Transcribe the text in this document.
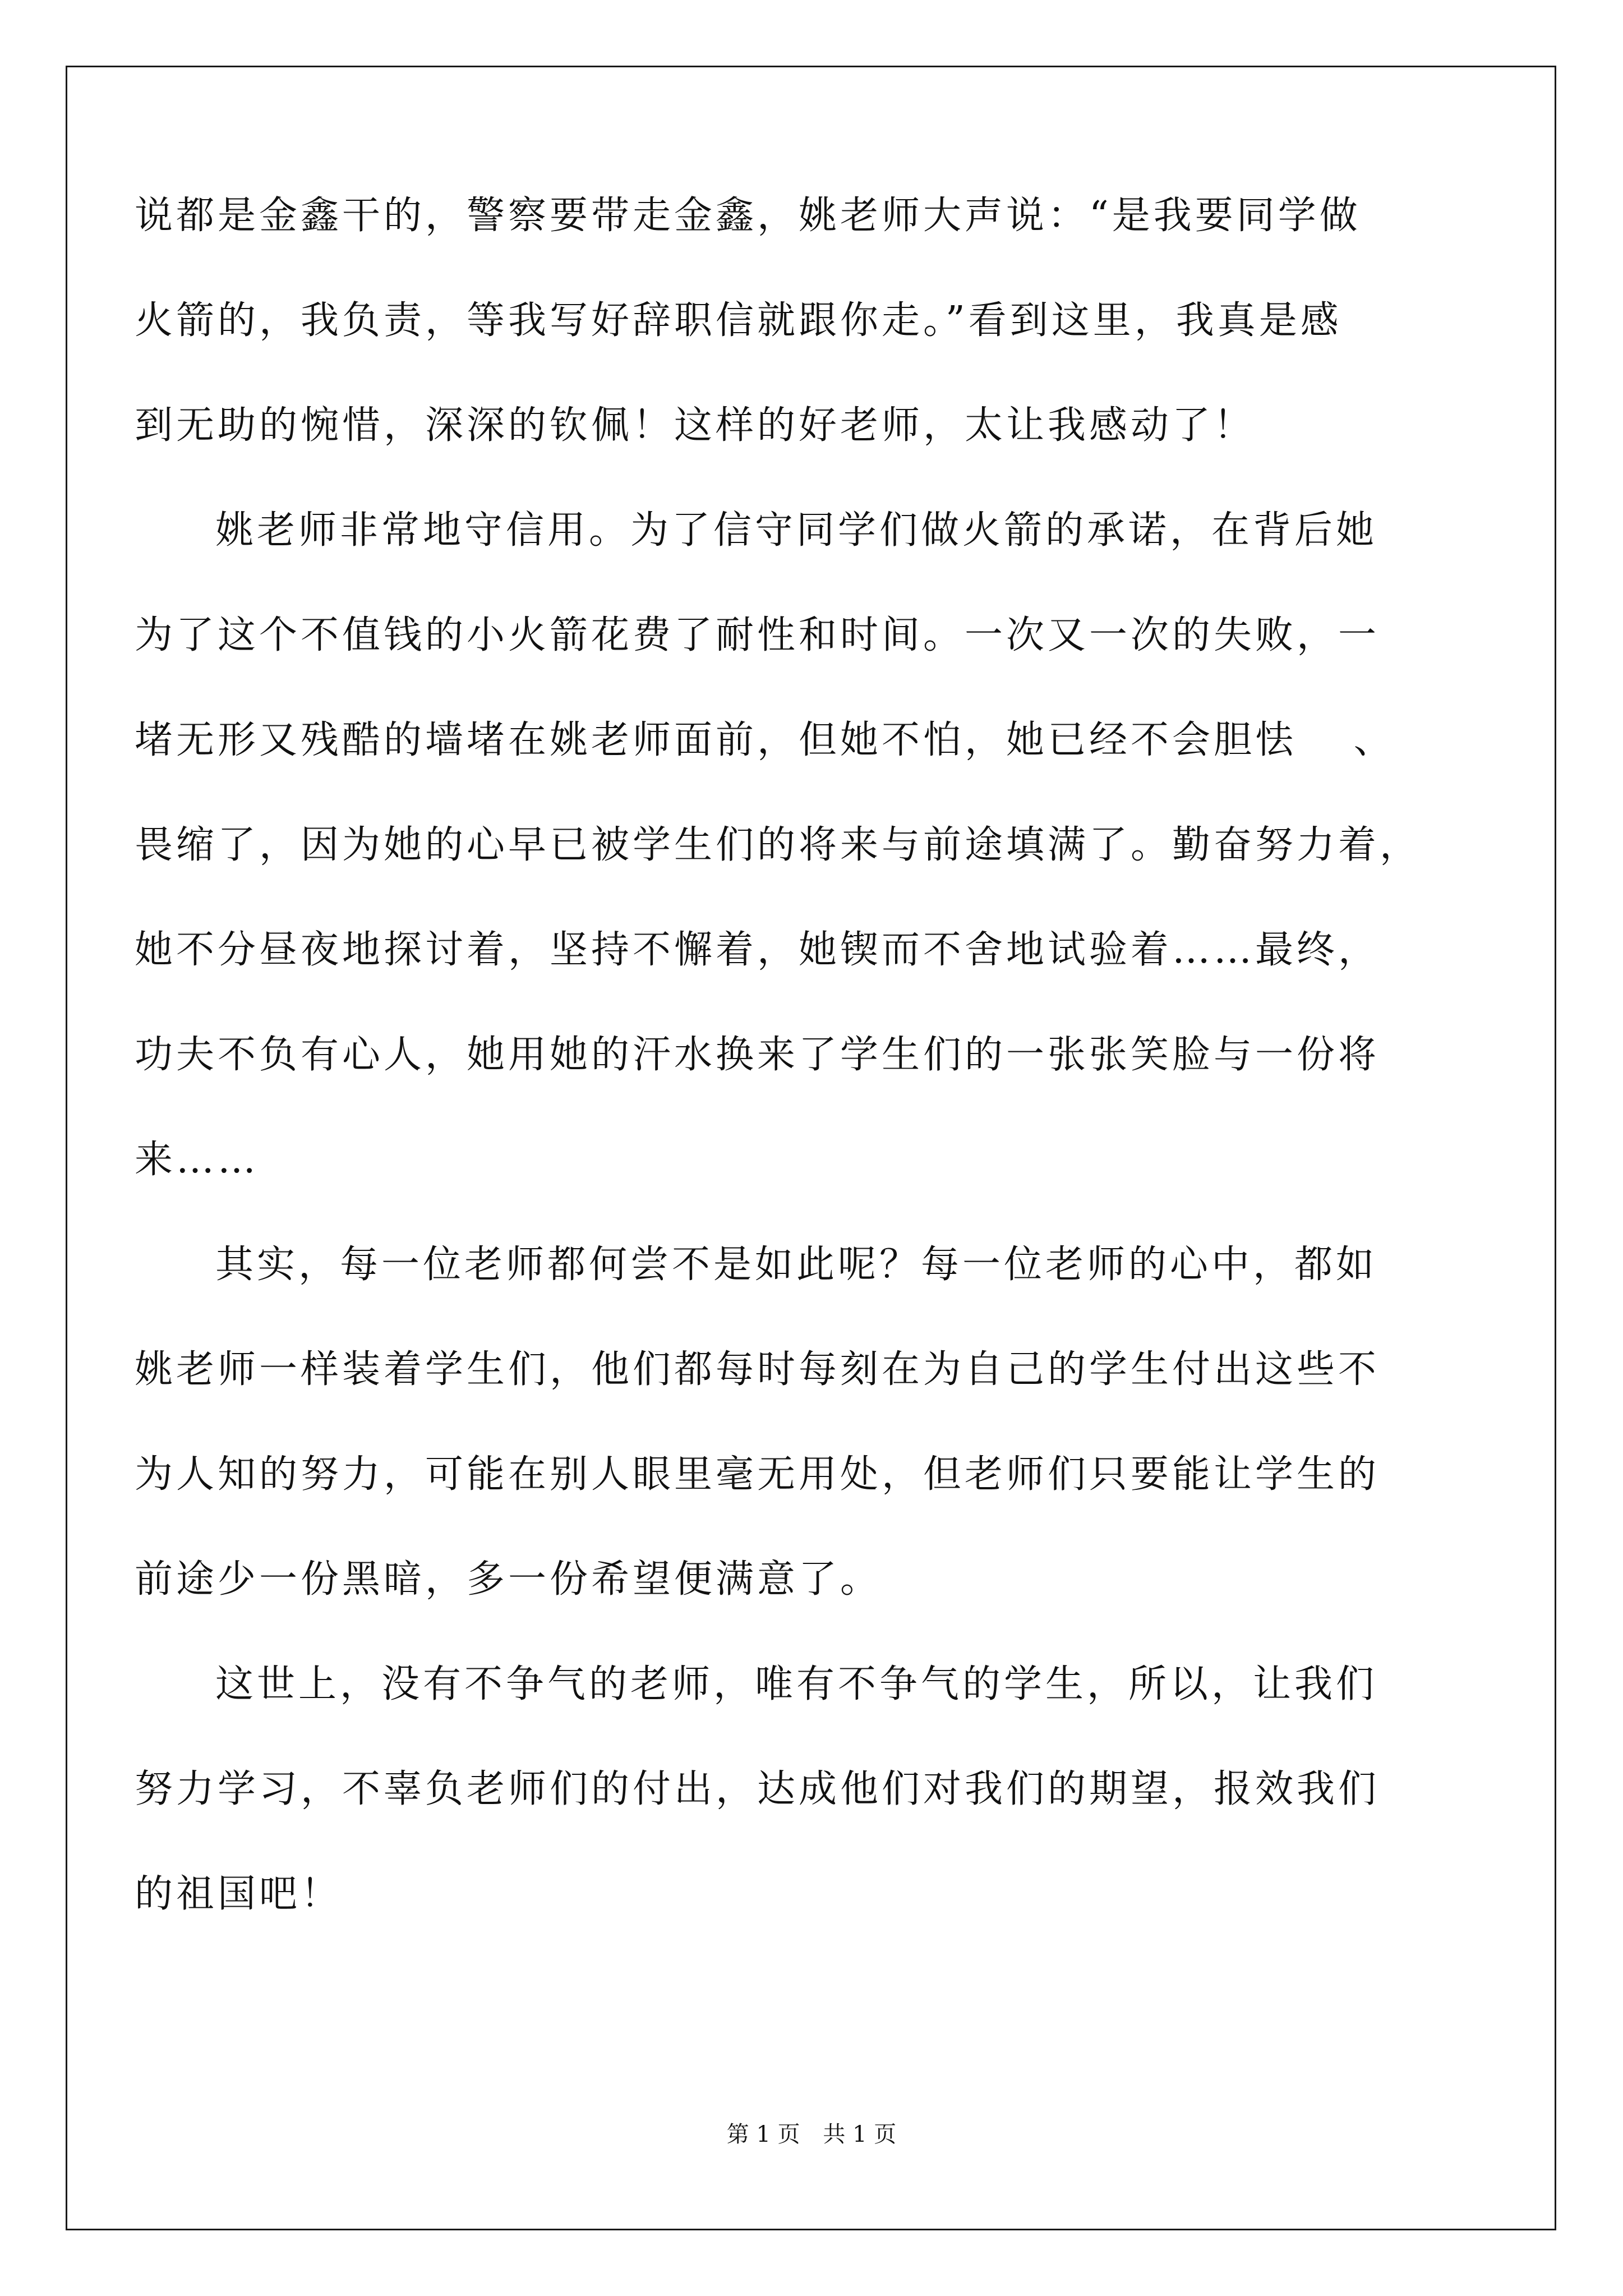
说都是金鑫干的，警察要带走金鑫，姚老师大声说：“是我要同学做
火箭的，我负责，等我写好辞职信就跟你走。”看到这里，我真是感
到无助的惋惜，深深的钦佩！这样的好老师，太让我感动了！
姚老师非常地守信用。为了信守同学们做火箭的承诺，在背后她
为了这个不值钱的小火箭花费了耐性和时间。一次又一次的失败，一
堵无形又残酷的墙堵在姚老师面前，但她不怕，她已经不会胆怯　 、
畏缩了，因为她的心早已被学生们的将来与前途填满了。勤奋努力着，
她不分昼夜地探讨着，坚持不懈着，她锲而不舍地试验着……最终，
功夫不负有心人，她用她的汗水换来了学生们的一张张笑脸与一份将
来……
其实，每一位老师都何尝不是如此呢？每一位老师的心中，都如
姚老师一样装着学生们，他们都每时每刻在为自己的学生付出这些不
为人知的努力，可能在别人眼里毫无用处，但老师们只要能让学生的
前途少一份黑暗，多一份希望便满意了。
这世上，没有不争气的老师，唯有不争气的学生，所以，让我们
努力学习，不辜负老师们的付出，达成他们对我们的期望，报效我们
的祖国吧！
第 1 页 共 1 页
